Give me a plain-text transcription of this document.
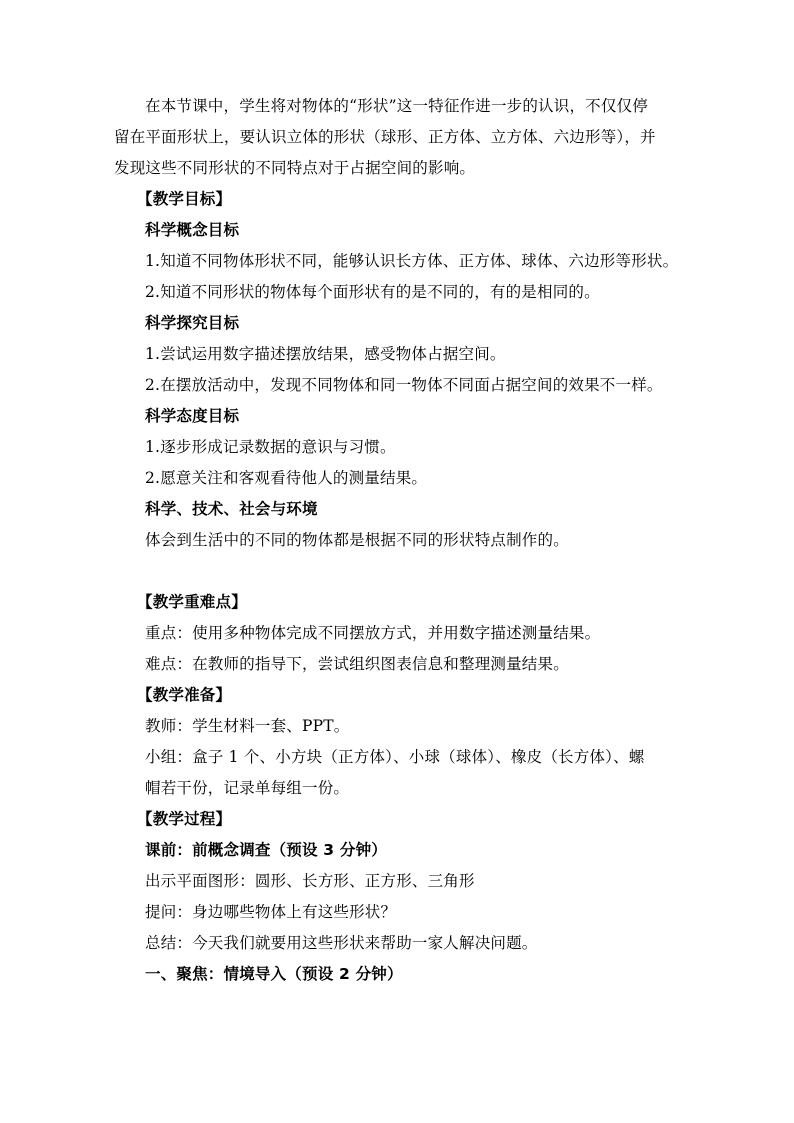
在本节课中，学生将对物体的“形状”这一特征作进一步的认识，不仅仅停
留在平面形状上，要认识立体的形状（球形、正方体、立方体、六边形等），并
发现这些不同形状的不同特点对于占据空间的影响。
【教学目标】
科学概念目标
1.知道不同物体形状不同，能够认识长方体、正方体、球体、六边形等形状。
2.知道不同形状的物体每个面形状有的是不同的，有的是相同的。
科学探究目标
1.尝试运用数字描述摆放结果，感受物体占据空间。
2.在摆放活动中，发现不同物体和同一物体不同面占据空间的效果不一样。
科学态度目标
1.逐步形成记录数据的意识与习惯。
2.愿意关注和客观看待他人的测量结果。
科学、技术、社会与环境
体会到生活中的不同的物体都是根据不同的形状特点制作的。
【教学重难点】
重点：使用多种物体完成不同摆放方式，并用数字描述测量结果。
难点：在教师的指导下，尝试组织图表信息和整理测量结果。
【教学准备】
教师：学生材料一套、PPT。
小组：盒子 1 个、小方块（正方体）、小球（球体）、橡皮（长方体）、螺
帽若干份，记录单每组一份。
【教学过程】
课前：前概念调查（预设 3 分钟）
出示平面图形：圆形、长方形、正方形、三角形
提问：身边哪些物体上有这些形状？
总结：今天我们就要用这些形状来帮助一家人解决问题。
一、聚焦：情境导入（预设 2 分钟）
